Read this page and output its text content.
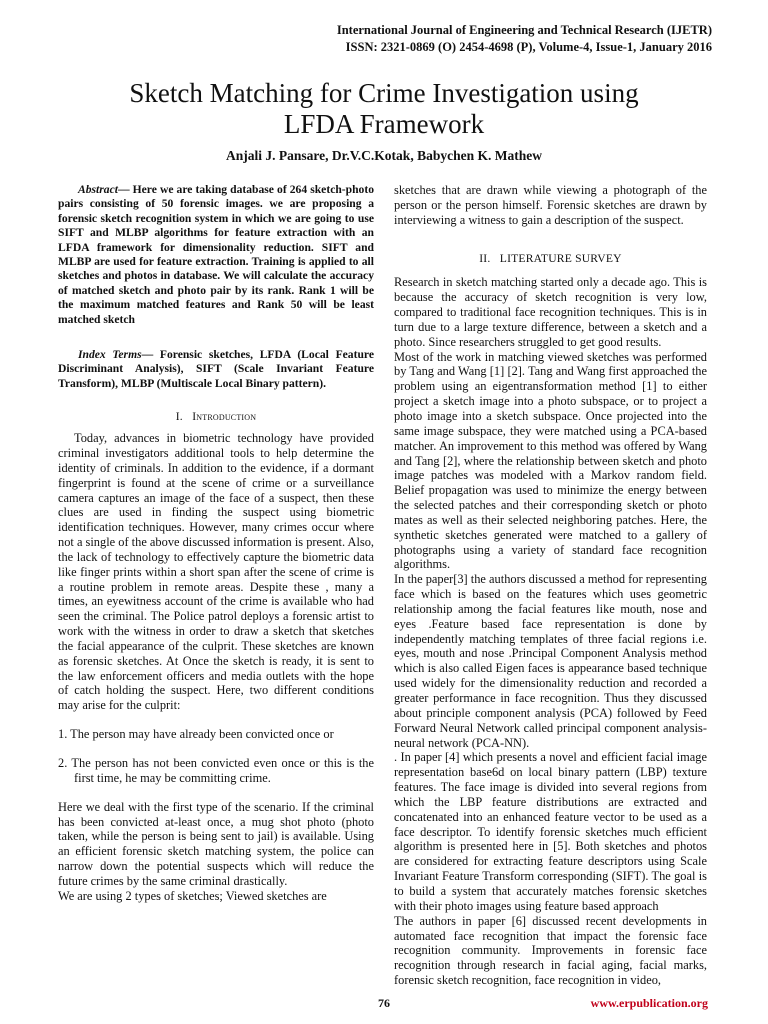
International Journal of Engineering and Technical Research (IJETR)
ISSN: 2321-0869 (O) 2454-4698 (P), Volume-4, Issue-1, January 2016
Sketch Matching for Crime Investigation using LFDA Framework
Anjali J. Pansare, Dr.V.C.Kotak, Babychen K. Mathew

Abstract— Here we are taking database of 264 sketch-photo pairs consisting of 50 forensic images. we are proposing a forensic sketch recognition system in which we are going to use SIFT and MLBP algorithms for feature extraction with an LFDA framework for dimensionality reduction. SIFT and MLBP are used for feature extraction. Training is applied to all sketches and photos in database. We will calculate the accuracy of matched sketch and photo pair by its rank. Rank 1 will be the maximum matched features and Rank 50 will be least matched sketch

Index Terms— Forensic sketches, LFDA (Local Feature Discriminant Analysis), SIFT (Scale Invariant Feature Transform), MLBP (Multiscale Local Binary pattern).

I. Introduction

Today, advances in biometric technology have provided criminal investigators additional tools to help determine the identity of criminals. In addition to the evidence, if a dormant fingerprint is found at the scene of crime or a surveillance camera captures an image of the face of a suspect, then these clues are used in finding the suspect using biometric identification techniques. However, many crimes occur where not a single of the above discussed information is present. Also, the lack of technology to effectively capture the biometric data like finger prints within a short span after the scene of crime is a routine problem in remote areas. Despite these , many a times, an eyewitness account of the crime is available who had seen the criminal. The Police patrol deploys a forensic artist to work with the witness in order to draw a sketch that sketches the facial appearance of the culprit. These sketches are known as forensic sketches. At Once the sketch is ready, it is sent to the law enforcement officers and media outlets with the hope of catch holding the suspect. Here, two different conditions may arise for the culprit:

1. The person may have already been convicted once or

2. The person has not been convicted even once or this is the first time, he may be committing crime.

Here we deal with the first type of the scenario. If the criminal has been convicted at-least once, a mug shot photo (photo taken, while the person is being sent to jail) is available. Using an efficient forensic sketch matching system, the police can narrow down the potential suspects which will reduce the future crimes by the same criminal drastically.

We are using 2 types of sketches; Viewed sketches are

sketches that are drawn while viewing a photograph of the person or the person himself. Forensic sketches are drawn by interviewing a witness to gain a description of the suspect.

II. LITERATURE SURVEY

Research in sketch matching started only a decade ago. This is because the accuracy of sketch recognition is very low, compared to traditional face recognition techniques. This is in turn due to a large texture difference, between a sketch and a photo. Since researchers struggled to get good results.

Most of the work in matching viewed sketches was performed by Tang and Wang [1] [2]. Tang and Wang first approached the problem using an eigentransformation method [1] to either project a sketch image into a photo subspace, or to project a photo image into a sketch subspace. Once projected into the same image subspace, they were matched using a PCA-based matcher. An improvement to this method was offered by Wang and Tang [2], where the relationship between sketch and photo image patches was modeled with a Markov random field. Belief propagation was used to minimize the energy between the selected patches and their corresponding sketch or photo mates as well as their selected neighboring patches. Here, the synthetic sketches generated were matched to a gallery of photographs using a variety of standard face recognition algorithms.

In the paper[3] the authors discussed a method for representing face which is based on the features which uses geometric relationship among the facial features like mouth, nose and eyes .Feature based face representation is done by independently matching templates of three facial regions i.e. eyes, mouth and nose .Principal Component Analysis method which is also called Eigen faces is appearance based technique used widely for the dimensionality reduction and recorded a greater performance in face recognition. Thus they discussed about principle component analysis (PCA) followed by Feed Forward Neural Network called principal component analysis-neural network (PCA-NN).

. In paper [4] which presents a novel and efficient facial image representation base6d on local binary pattern (LBP) texture features. The face image is divided into several regions from which the LBP feature distributions are extracted and concatenated into an enhanced feature vector to be used as a face descriptor. To identify forensic sketches much efficient algorithm is presented here in [5]. Both sketches and photos are considered for extracting feature descriptors using Scale Invariant Feature Transform corresponding (SIFT). The goal is to build a system that accurately matches forensic sketches with their photo images using feature based approach

The authors in paper [6] discussed recent developments in automated face recognition that impact the forensic face recognition community. Improvements in forensic face recognition through research in facial aging, facial marks, forensic sketch recognition, face recognition in video,

76	www.erpublication.org
